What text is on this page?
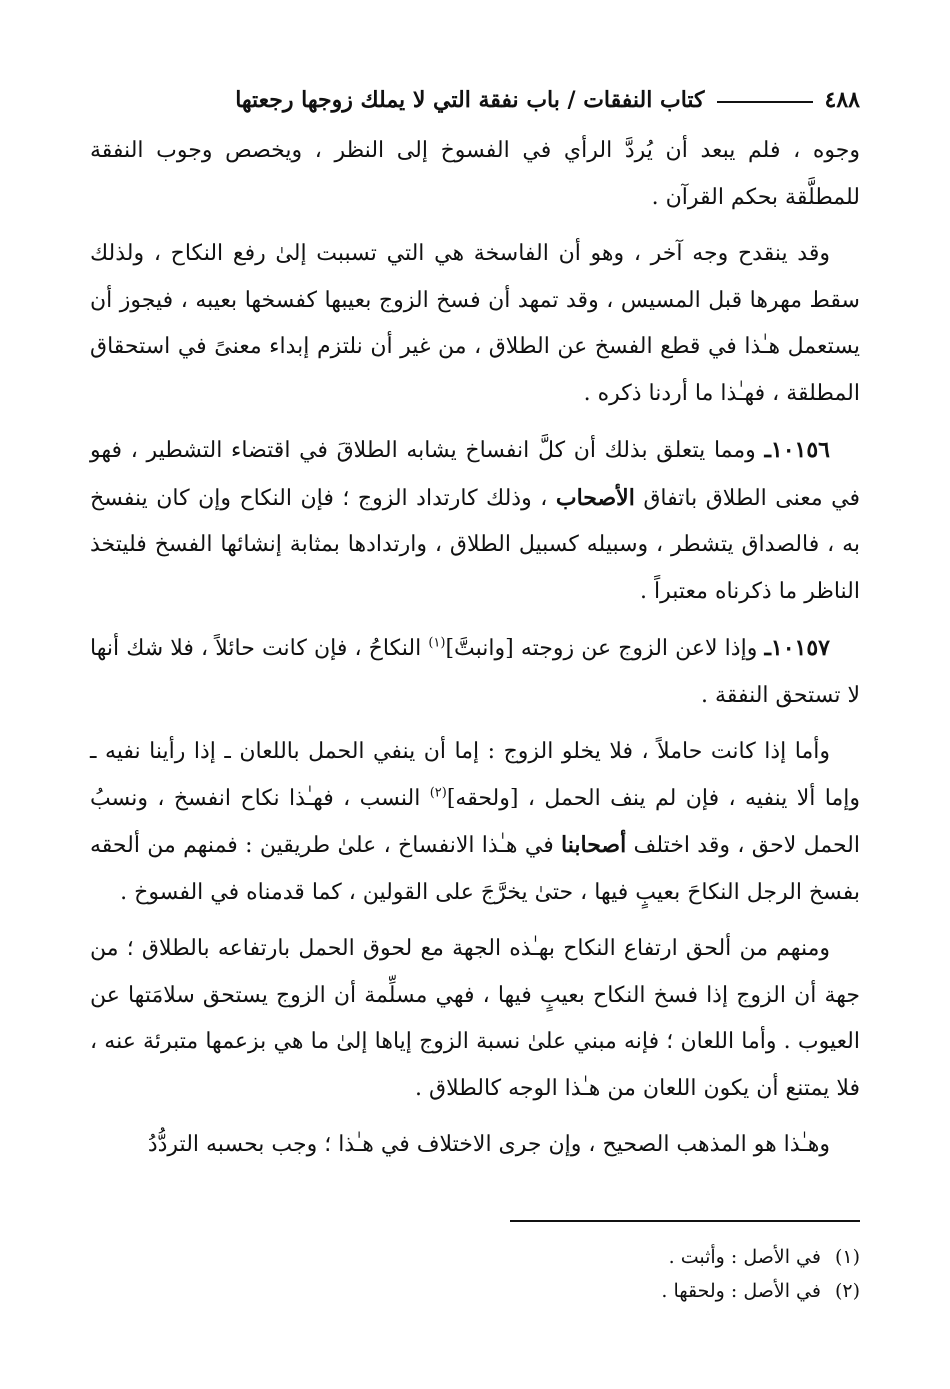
٤٨٨
كتاب النفقات / باب نفقة التي لا يملك زوجها رجعتها

وجوه ، فلم يبعد أن يُردَّ الرأي في الفسوخ إلى النظر ، ويخصص وجوب النفقة للمطلَّقة بحكم القرآن .

وقد ينقدح وجه آخر ، وهو أن الفاسخة هي التي تسببت إلىٰ رفع النكاح ، ولذلك سقط مهرها قبل المسيس ، وقد تمهد أن فسخ الزوج بعيبها كفسخها بعيبه ، فيجوز أن يستعمل هـٰذا في قطع الفسخ عن الطلاق ، من غير أن نلتزم إبداء معنىً في استحقاق المطلقة ، فهـٰذا ما أردنا ذكره .

١٠١٥٦ـ ومما يتعلق بذلك أن كلَّ انفساخ يشابه الطلاقَ في اقتضاء التشطير ، فهو في معنى الطلاق باتفاق الأصحاب ، وذلك كارتداد الزوج ؛ فإن النكاح وإن كان ينفسخ به ، فالصداق يتشطر ، وسبيله كسبيل الطلاق ، وارتدادها بمثابة إنشائها الفسخ فليتخذ الناظر ما ذكرناه معتبراً .

١٠١٥٧ـ وإذا لاعن الزوج عن زوجته [وانبتَّ]$^{(١)}$ النكاحُ ، فإن كانت حائلاً ، فلا شك أنها لا تستحق النفقة .

وأما إذا كانت حاملاً ، فلا يخلو الزوج : إما أن ينفي الحمل باللعان ـ إذا رأينا نفيه ـ وإما ألا ينفيه ، فإن لم ينف الحمل ، [ولحقه]$^{(٢)}$ النسب ، فهـٰذا نكاح انفسخ ، ونسبُ الحمل لاحق ، وقد اختلف أصحابنا في هـٰذا الانفساخ ، علىٰ طريقين : فمنهم من ألحقه بفسخ الرجل النكاحَ بعيبٍ فيها ، حتىٰ يخرَّجَ على القولين ، كما قدمناه في الفسوخ .

ومنهم من ألحق ارتفاع النكاح بهـٰذه الجهة مع لحوق الحمل بارتفاعه بالطلاق ؛ من جهة أن الزوج إذا فسخ النكاح بعيبٍ فيها ، فهي مسلِّمة أن الزوج يستحق سلامَتها عن العيوب . وأما اللعان ؛ فإنه مبني علىٰ نسبة الزوج إياها إلىٰ ما هي بزعمها متبرئة عنه ، فلا يمتنع أن يكون اللعان من هـٰذا الوجه كالطلاق .

وهـٰذا هو المذهب الصحيح ، وإن جرى الاختلاف في هـٰذا ؛ وجب بحسبه التردُّدُ

(١)في الأصل : وأثبت .
(٢)في الأصل : ولحقها .
